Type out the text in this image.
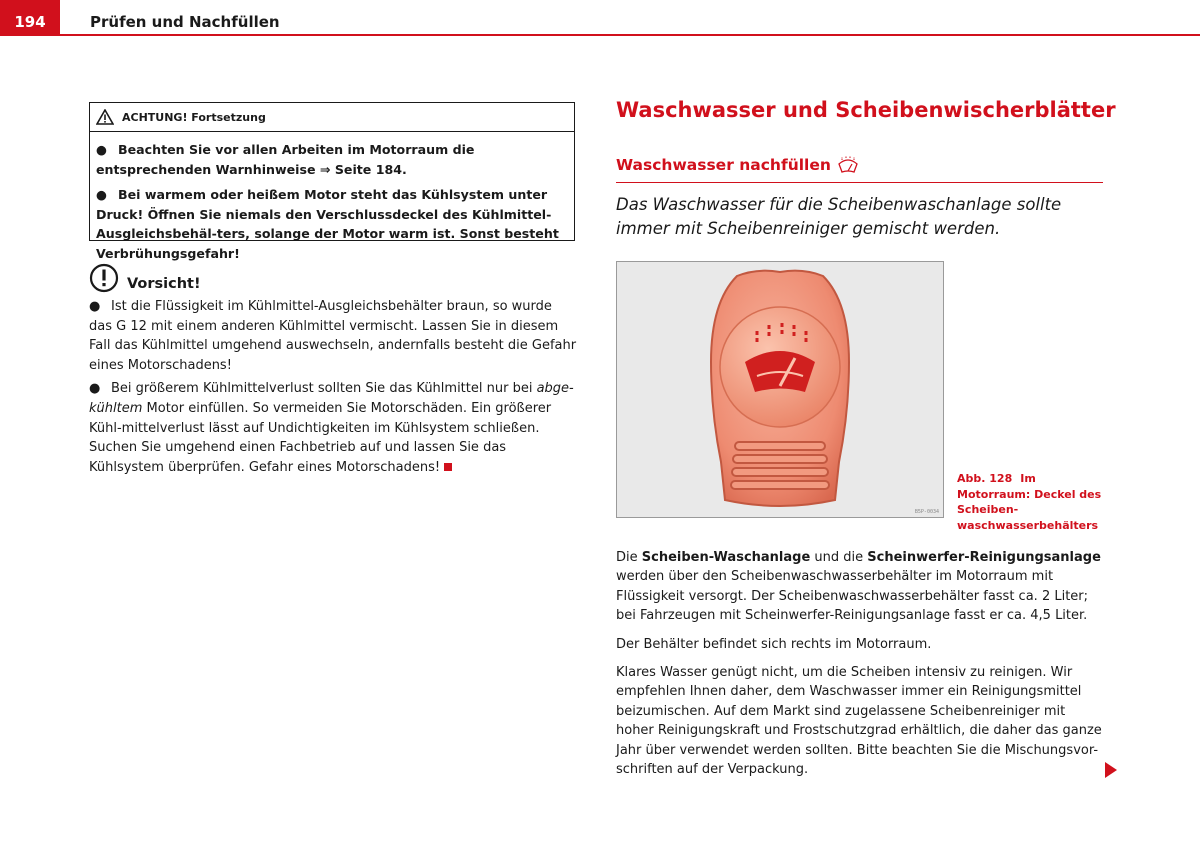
194	Prüfen und Nachfüllen
ACHTUNG! Fortsetzung

● Beachten Sie vor allen Arbeiten im Motorraum die entsprechenden Warnhinweise ⇒ Seite 184.

● Bei warmem oder heißem Motor steht das Kühlsystem unter Druck! Öffnen Sie niemals den Verschlussdeckel des Kühlmittel-Ausgleichsbehäl-ters, solange der Motor warm ist. Sonst besteht Verbrühungsgefahr!

Vorsicht!

● Ist die Flüssigkeit im Kühlmittel-Ausgleichsbehälter braun, so wurde das G 12 mit einem anderen Kühlmittel vermischt. Lassen Sie in diesem Fall das Kühlmittel umgehend auswechseln, andernfalls besteht die Gefahr eines Motorschadens!

● Bei größerem Kühlmittelverlust sollten Sie das Kühlmittel nur bei abge-kühltem Motor einfüllen. So vermeiden Sie Motorschäden. Ein größerer Kühl-mittelverlust lässt auf Undichtigkeiten im Kühlsystem schließen. Suchen Sie umgehend einen Fachbetrieb auf und lassen Sie das Kühlsystem überprüfen. Gefahr eines Motorschadens!

Waschwasser und Scheibenwischerblätter
Waschwasser nachfüllen
Das Waschwasser für die Scheibenwaschanlage sollte immer mit Scheibenreiniger gemischt werden.
B5P-0034
Abb. 128 Im Motorraum: Deckel des Scheiben-waschwasserbehälters

Die Scheiben-Waschanlage und die Scheinwerfer-Reinigungsanlage werden über den Scheibenwaschwasserbehälter im Motorraum mit Flüssigkeit versorgt. Der Scheibenwaschwasserbehälter fasst ca. 2 Liter; bei Fahrzeugen mit Scheinwerfer-Reinigungsanlage fasst er ca. 4,5 Liter.

Der Behälter befindet sich rechts im Motorraum.

Klares Wasser genügt nicht, um die Scheiben intensiv zu reinigen. Wir empfehlen Ihnen daher, dem Waschwasser immer ein Reinigungsmittel beizumischen. Auf dem Markt sind zugelassene Scheibenreiniger mit hoher Reinigungskraft und Frostschutzgrad erhältlich, die daher das ganze Jahr über verwendet werden sollten. Bitte beachten Sie die Mischungsvor-schriften auf der Verpackung.
